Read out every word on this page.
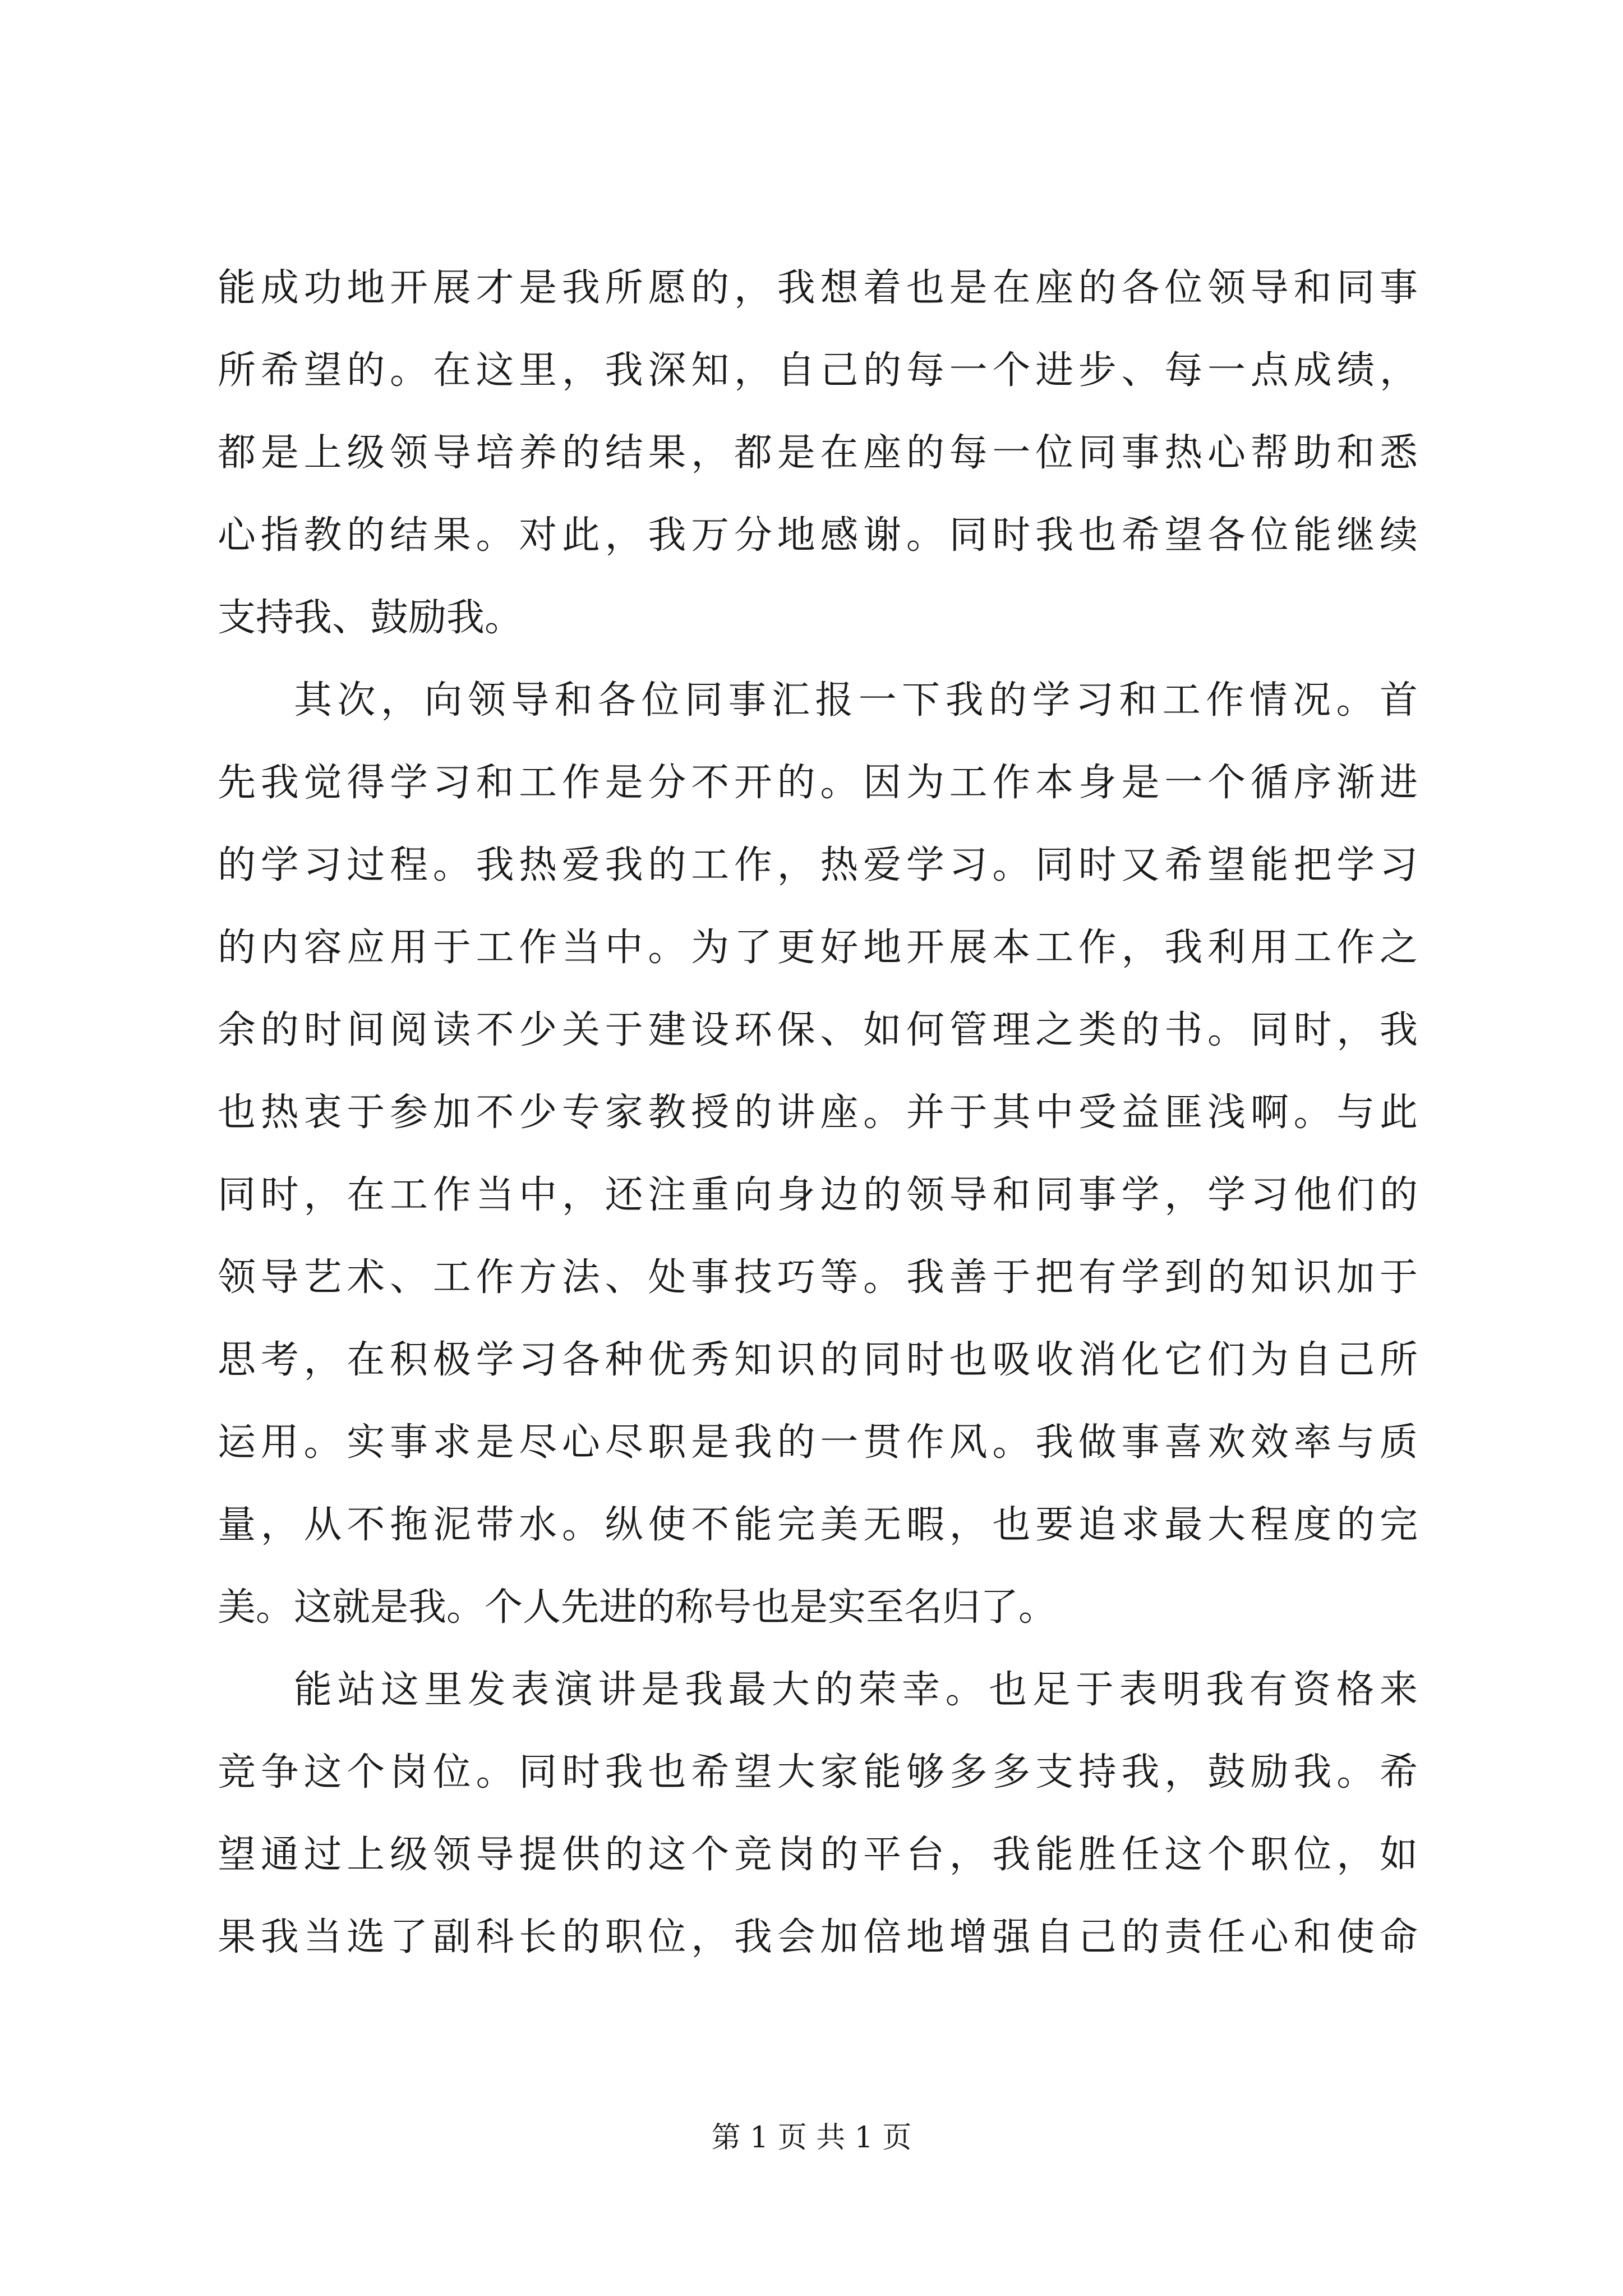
能成功地开展才是我所愿的，我想着也是在座的各位领导和同事
所希望的。在这里，我深知，自己的每一个进步、每一点成绩，
都是上级领导培养的结果，都是在座的每一位同事热心帮助和悉
心指教的结果。对此，我万分地感谢。同时我也希望各位能继续
支持我、鼓励我。
其次，向领导和各位同事汇报一下我的学习和工作情况。首
先我觉得学习和工作是分不开的。因为工作本身是一个循序渐进
的学习过程。我热爱我的工作，热爱学习。同时又希望能把学习
的内容应用于工作当中。为了更好地开展本工作，我利用工作之
余的时间阅读不少关于建设环保、如何管理之类的书。同时，我
也热衷于参加不少专家教授的讲座。并于其中受益匪浅啊。与此
同时，在工作当中，还注重向身边的领导和同事学，学习他们的
领导艺术、工作方法、处事技巧等。我善于把有学到的知识加于
思考，在积极学习各种优秀知识的同时也吸收消化它们为自己所
运用。实事求是尽心尽职是我的一贯作风。我做事喜欢效率与质
量，从不拖泥带水。纵使不能完美无暇，也要追求最大程度的完
美。这就是我。个人先进的称号也是实至名归了。
能站这里发表演讲是我最大的荣幸。也足于表明我有资格来
竞争这个岗位。同时我也希望大家能够多多支持我，鼓励我。希
望通过上级领导提供的这个竞岗的平台，我能胜任这个职位，如
果我当选了副科长的职位，我会加倍地增强自己的责任心和使命
第 1 页 共 1 页
